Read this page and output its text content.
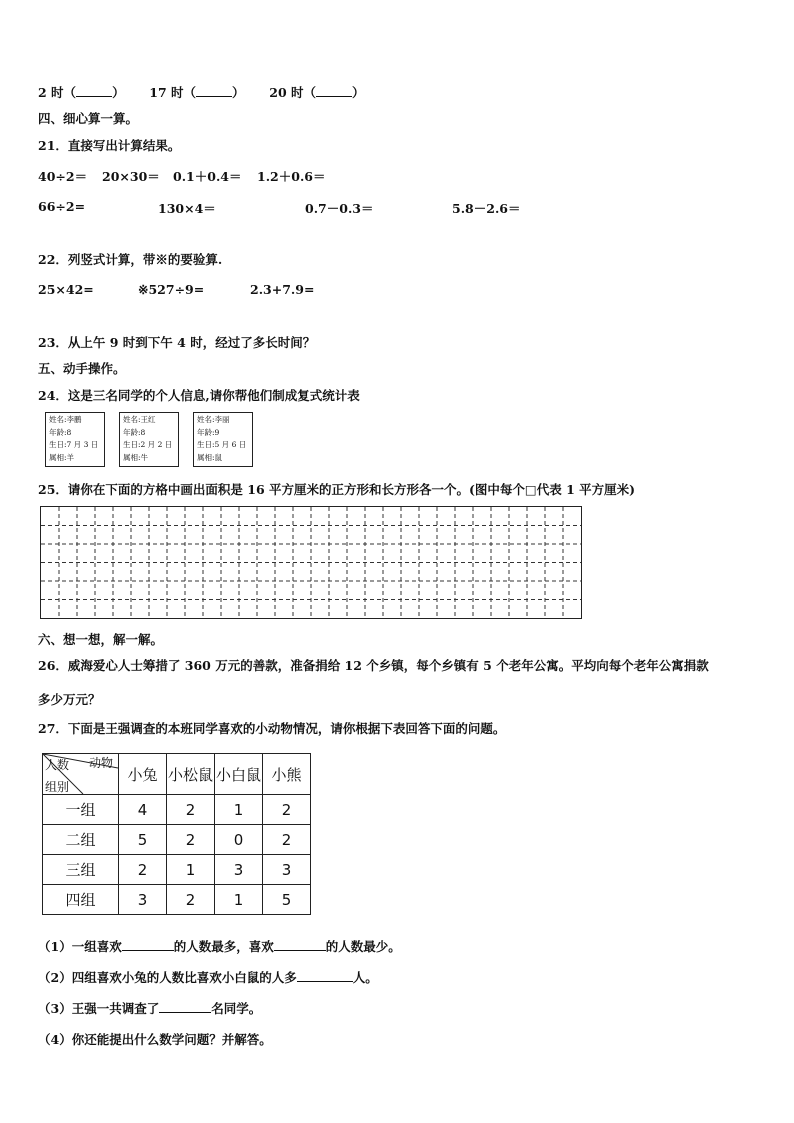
2 时（	） 17 时（	） 20 时（	）
四、细心算一算。
21．直接写出计算结果。
40÷2＝ 20×30＝ 0.1＋0.4＝ 1.2＋0.6＝
66÷2=	130×4＝	0.7－0.3＝	5.8－2.6＝
22．列竖式计算，带※的要验算.
25×42=	※527÷9=	2.3+7.9=
23．从上午 9 时到下午 4 时，经过了多长时间？
五、动手操作。
24．这是三名同学的个人信息,请你帮他们制成复式统计表
姓名:李鹏
年龄:8
生日:7 月 3 日
属相:羊
姓名:王红
年龄:8
生日:2 月 2 日
属相:牛
姓名:李丽
年龄:9
生日:5 月 6 日
属相:鼠
25．请你在下面的方格中画出面积是 16 平方厘米的正方形和长方形各一个。(图中每个□代表 1 平方厘米)
六、想一想，解一解。
26．威海爱心人士筹措了 360 万元的善款，准备捐给 12 个乡镇，每个乡镇有 5 个老年公寓。平均向每个老年公寓捐款
多少万元？
27．下面是王强调查的本班同学喜欢的小动物情况，请你根据下表回答下面的问题。
动物
人数
组别	小兔	小松鼠	小白鼠	小熊
一组	4	2	1	2
二组	5	2	0	2
三组	2	1	3	3
四组	3	2	1	5
（1）一组喜欢	的人数最多，喜欢	的人数最少。
（2）四组喜欢小兔的人数比喜欢小白鼠的人多	人。
（3）王强一共调查了	名同学。
（4）你还能提出什么数学问题？并解答。
